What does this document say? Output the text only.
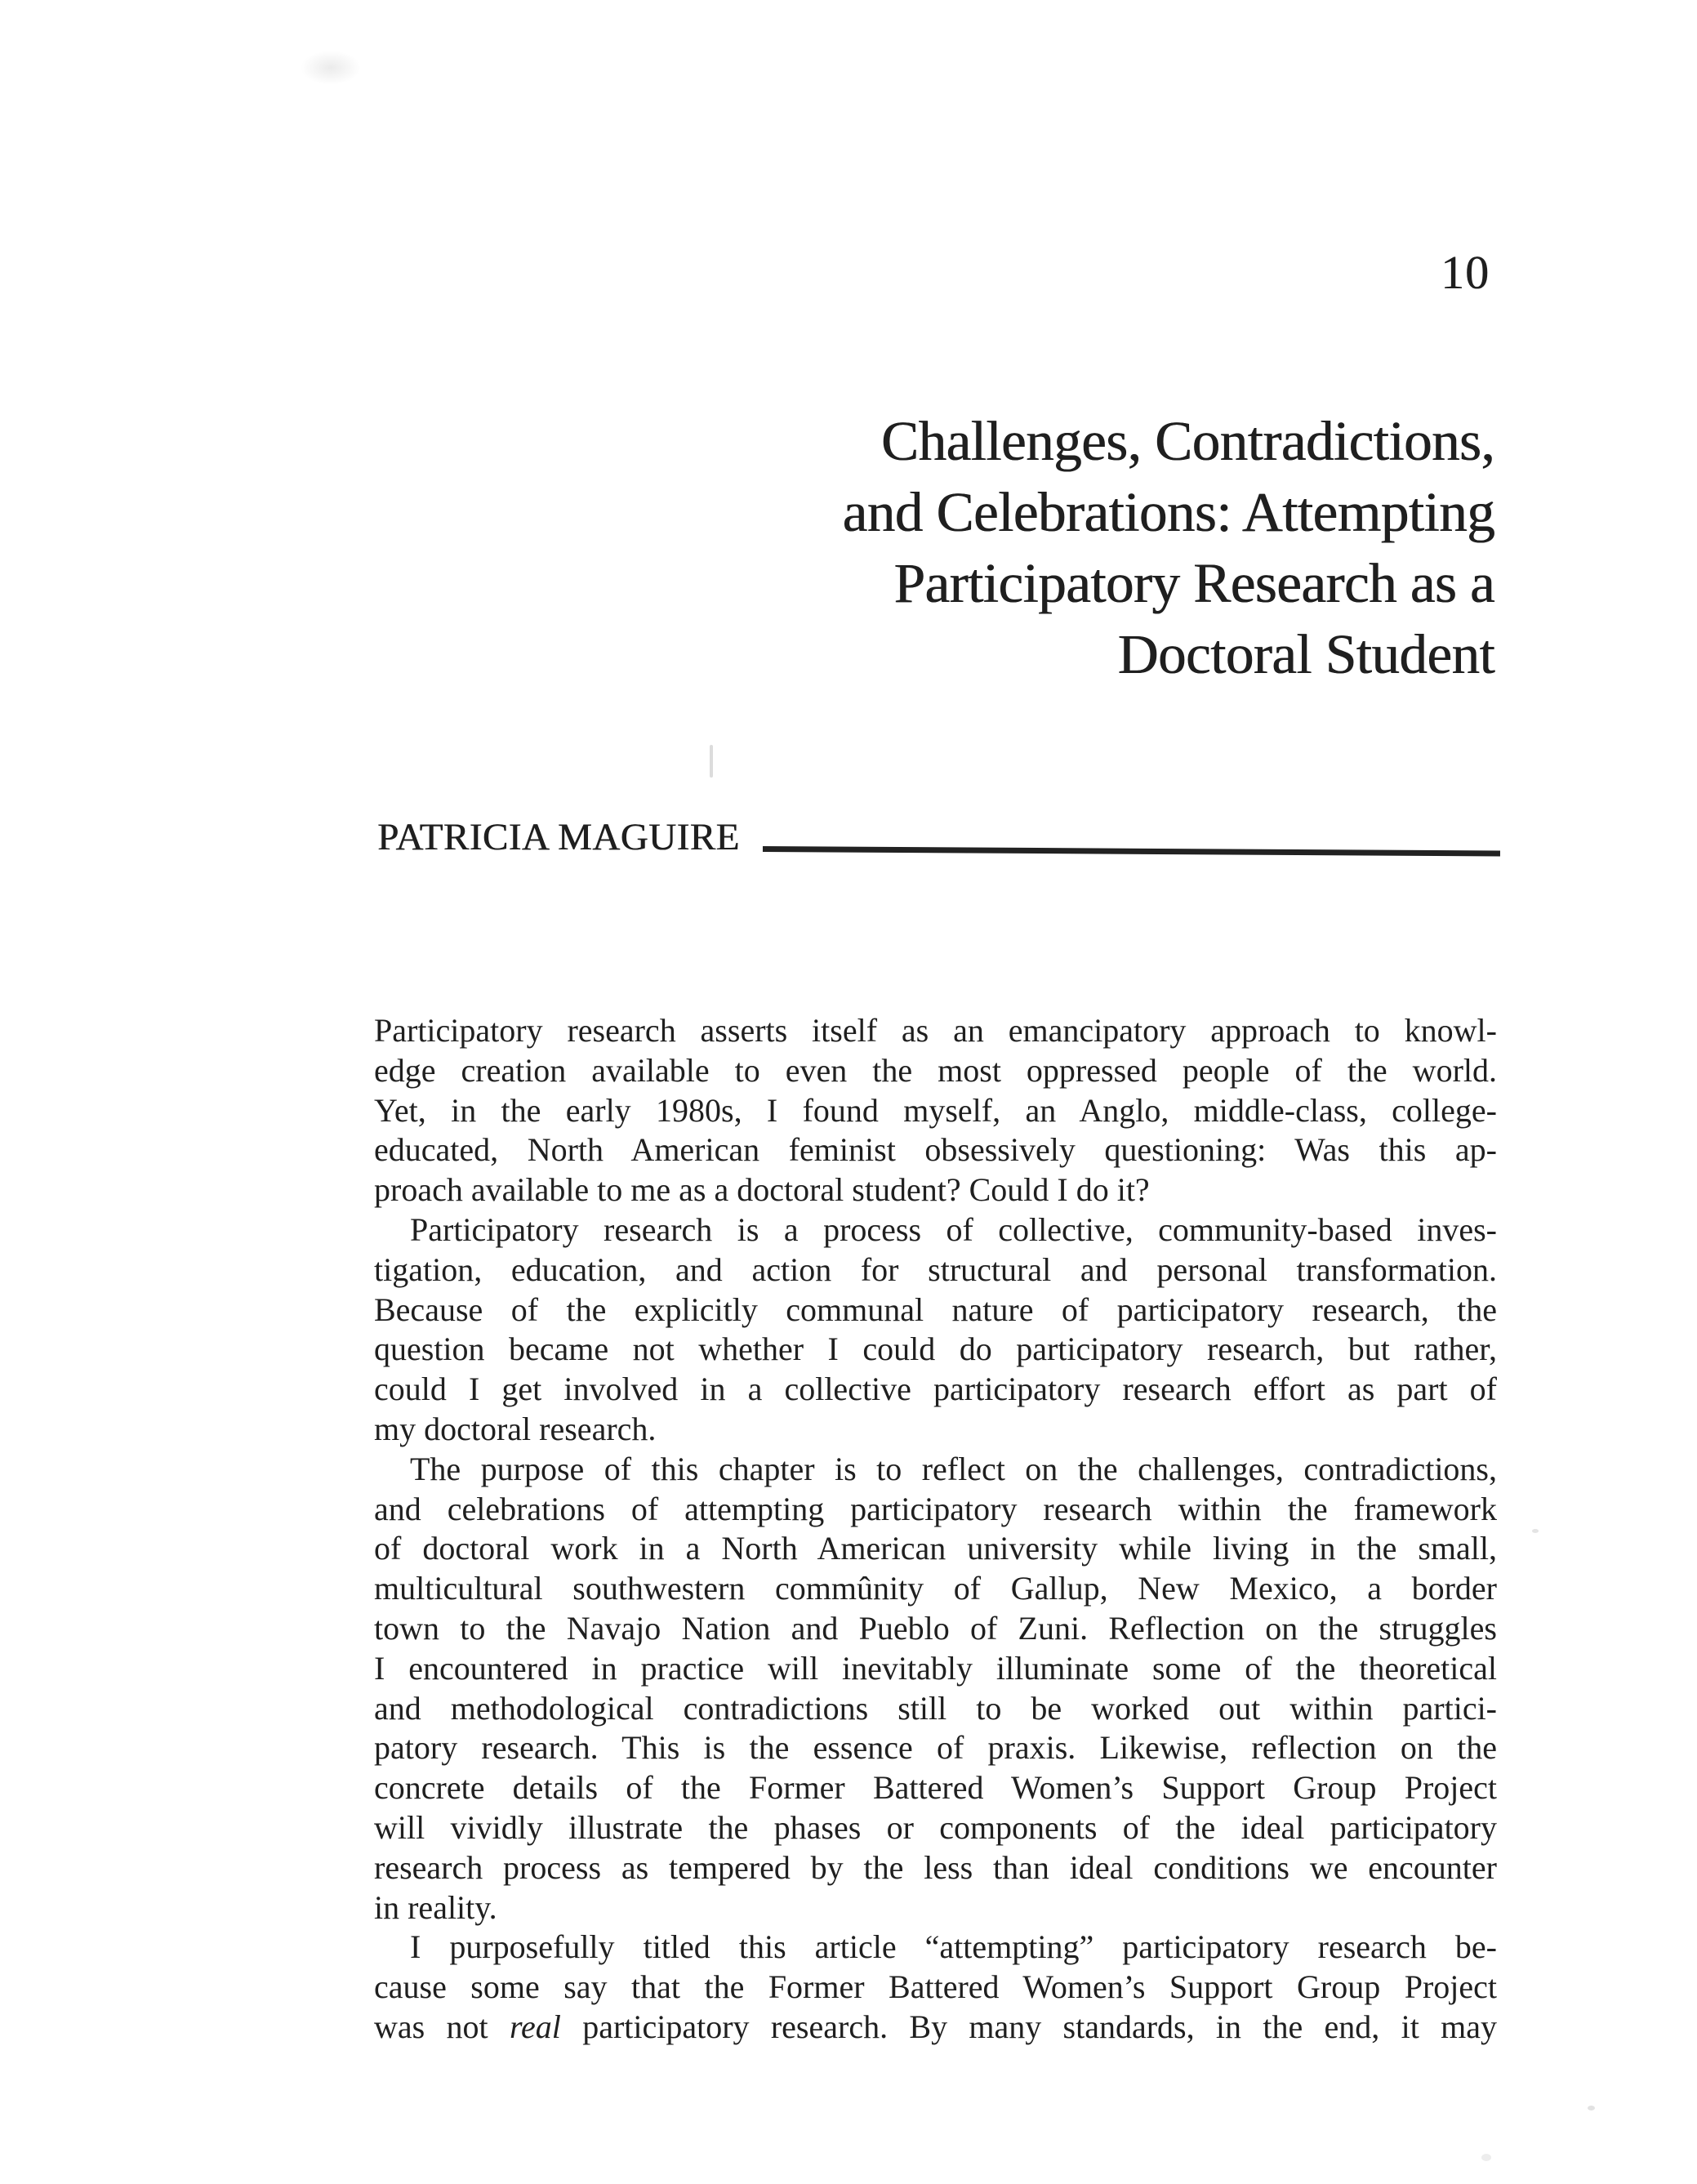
10
Challenges, Contradictions,
and Celebrations: Attempting
Participatory Research as a
Doctoral Student
PATRICIA MAGUIRE
Participatory research asserts itself as an emancipatory approach to knowl-
edge creation available to even the most oppressed people of the world.
Yet, in the early 1980s, I found myself, an Anglo, middle-class, college-
educated, North American feminist obsessively questioning: Was this ap-
proach available to me as a doctoral student? Could I do it?
Participatory research is a process of collective, community-based inves-
tigation, education, and action for structural and personal transformation.
Because of the explicitly communal nature of participatory research, the
question became not whether I could do participatory research, but rather,
could I get involved in a collective participatory research effort as part of
my doctoral research.
The purpose of this chapter is to reflect on the challenges, contradictions,
and celebrations of attempting participatory research within the framework
of doctoral work in a North American university while living in the small,
multicultural southwestern commûnity of Gallup, New Mexico, a border
town to the Navajo Nation and Pueblo of Zuni. Reflection on the struggles
I encountered in practice will inevitably illuminate some of the theoretical
and methodological contradictions still to be worked out within partici-
patory research. This is the essence of praxis. Likewise, reflection on the
concrete details of the Former Battered Women’s Support Group Project
will vividly illustrate the phases or components of the ideal participatory
research process as tempered by the less than ideal conditions we encounter
in reality.
I purposefully titled this article “attempting” participatory research be-
cause some say that the Former Battered Women’s Support Group Project
was not real participatory research. By many standards, in the end, it may
